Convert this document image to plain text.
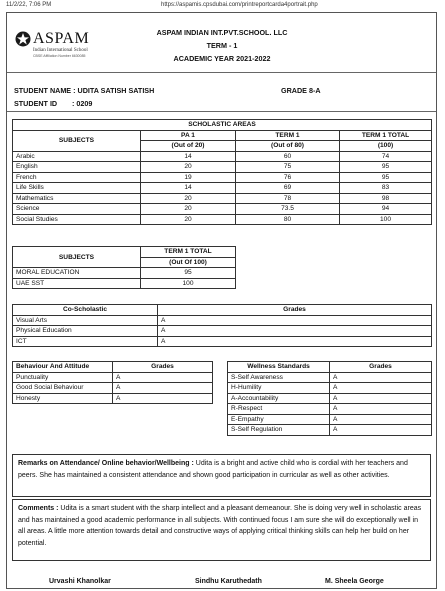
11/2/22, 7:06 PM	https://aspamis.cpsdubai.com/printreportcarda4portrait.php
ASPAM
Indian International School
CBSE Affiliation Number 6630085
ASPAM INDIAN INT.PVT.SCHOOL. LLC
TERM - 1
ACADEMIC YEAR 2021-2022
STUDENT NAME : UDITA SATISH SATISH	GRADE 8-A
STUDENT ID : 0209
SCHOLASTIC AREAS			
SUBJECTS	PA 1	TERM 1	TERM 1 TOTAL
	(Out of 20)	(Out of 80)	(100)
Arabic	14	60	74
English	20	75	95
French	19	76	95
Life Skills	14	69	83
Mathematics	20	78	98
Science	20	73.5	94
Social Studies	20	80	100
SUBJECTS	TERM 1 TOTAL
	(Out Of 100)
MORAL EDUCATION	95
UAE SST	100
Co-Scholastic	Grades
Visual Arts	A
Physical Education	A
ICT	A
Behaviour And Attitude	Grades
Punctuality	A
Good Social Behaviour	A
Honesty	A
Wellness Standards	Grades
S-Self Awareness	A
H-Humility	A
A-Accountability	A
R-Respect	A
E-Empathy	A
S-Self Regulation	A
Remarks on Attendance/ Online behavior/Wellbeing : Udita is a bright and active child who is cordial with her teachers and peers. She has maintained a consistent attendance and shown good participation in curricular as well as other activities.
Comments : Udita is a smart student with the sharp intellect and a pleasant demeanour. She is doing very well in scholastic areas and has maintained a good academic performance in all subjects. With continued focus I am sure she will do exceptionally well in all areas. A little more attention towards detail and constructive ways of applying critical thinking skills can help her build on her potential.
Urvashi Khanolkar	Sindhu Karuthedath	M. Sheela George
